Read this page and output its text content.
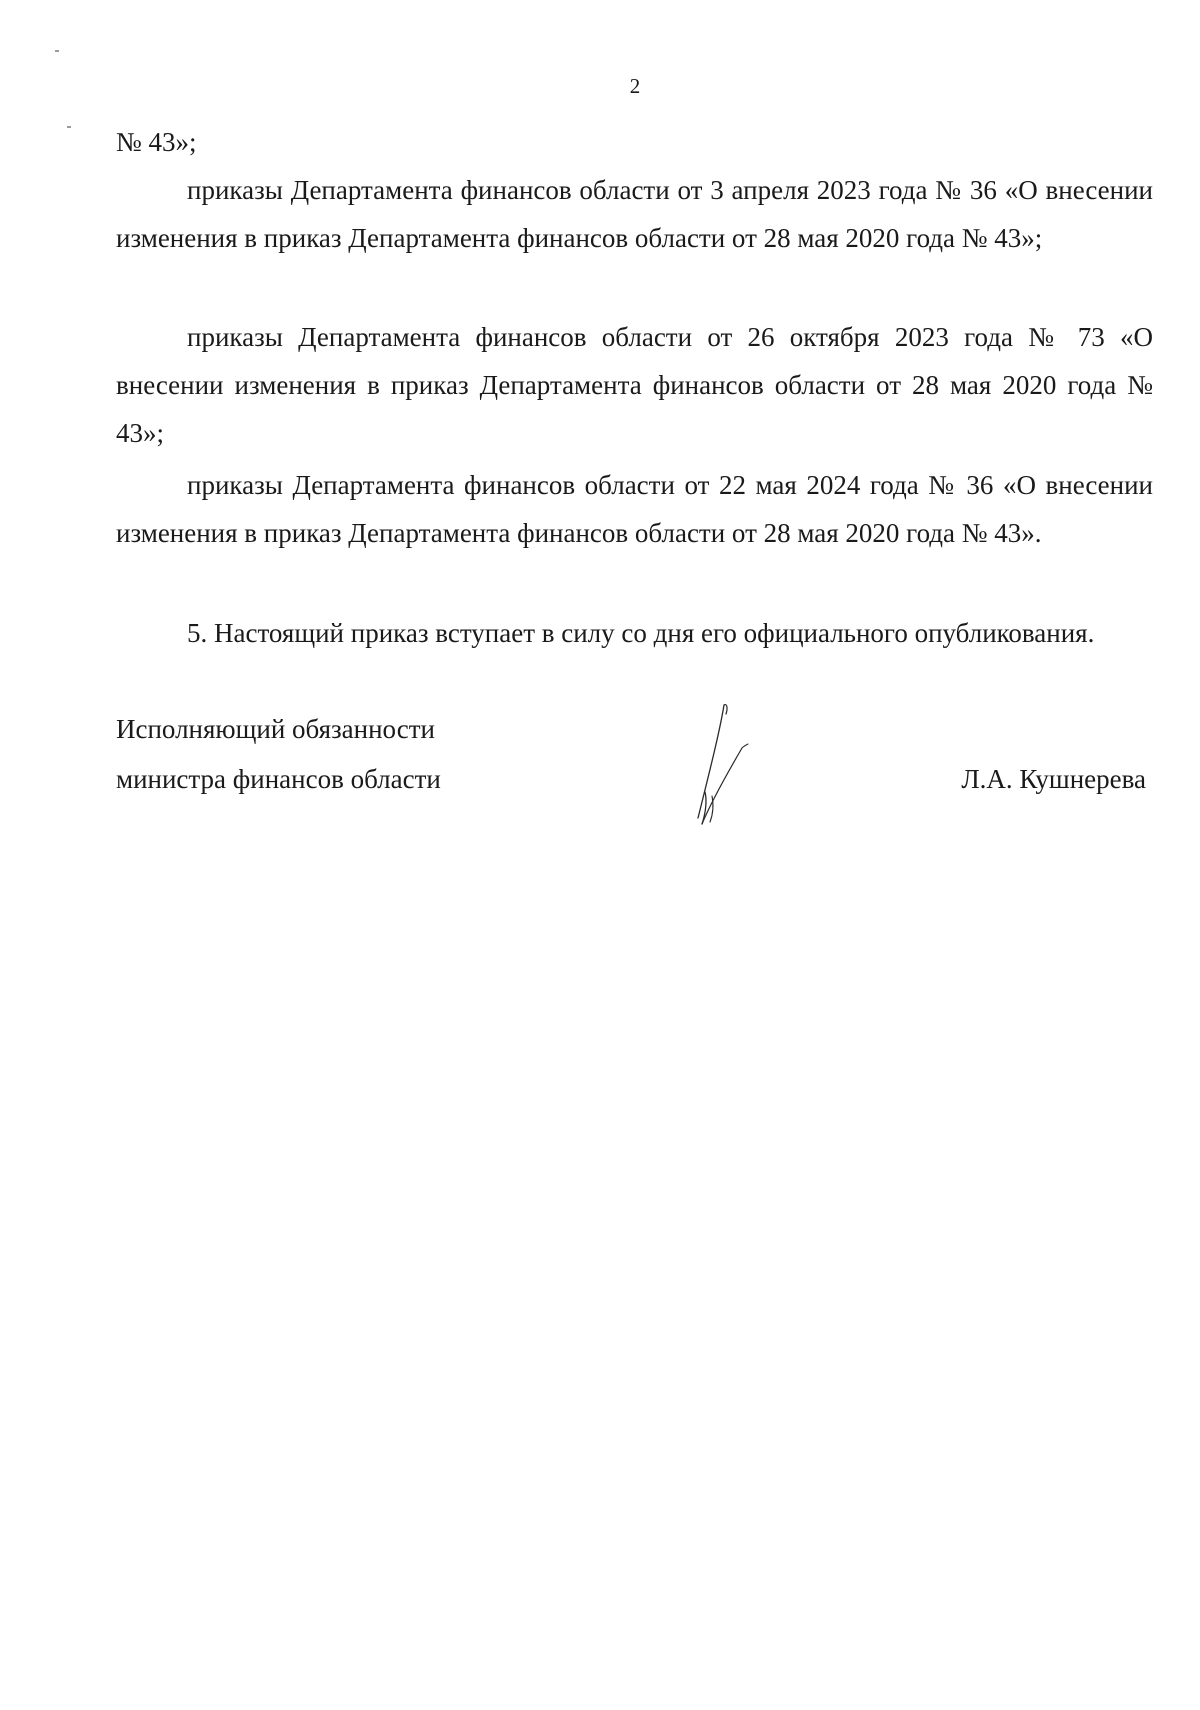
2

№ 43»;

приказы Департамента финансов области от 3 апреля 2023 года № 36 «О внесении изменения в приказ Департамента финансов области от 28 мая 2020 года № 43»;

приказы Департамента финансов области от 26 октября 2023 года № 73 «О внесении изменения в приказ Департамента финансов области от 28 мая 2020 года № 43»;

приказы Департамента финансов области от 22 мая 2024 года № 36 «О внесении изменения в приказ Департамента финансов области от 28 мая 2020 года № 43».

5. Настоящий приказ вступает в силу со дня его официального опубликования.

Исполняющий обязанности
министра финансов области	Л.А. Кушнерева
